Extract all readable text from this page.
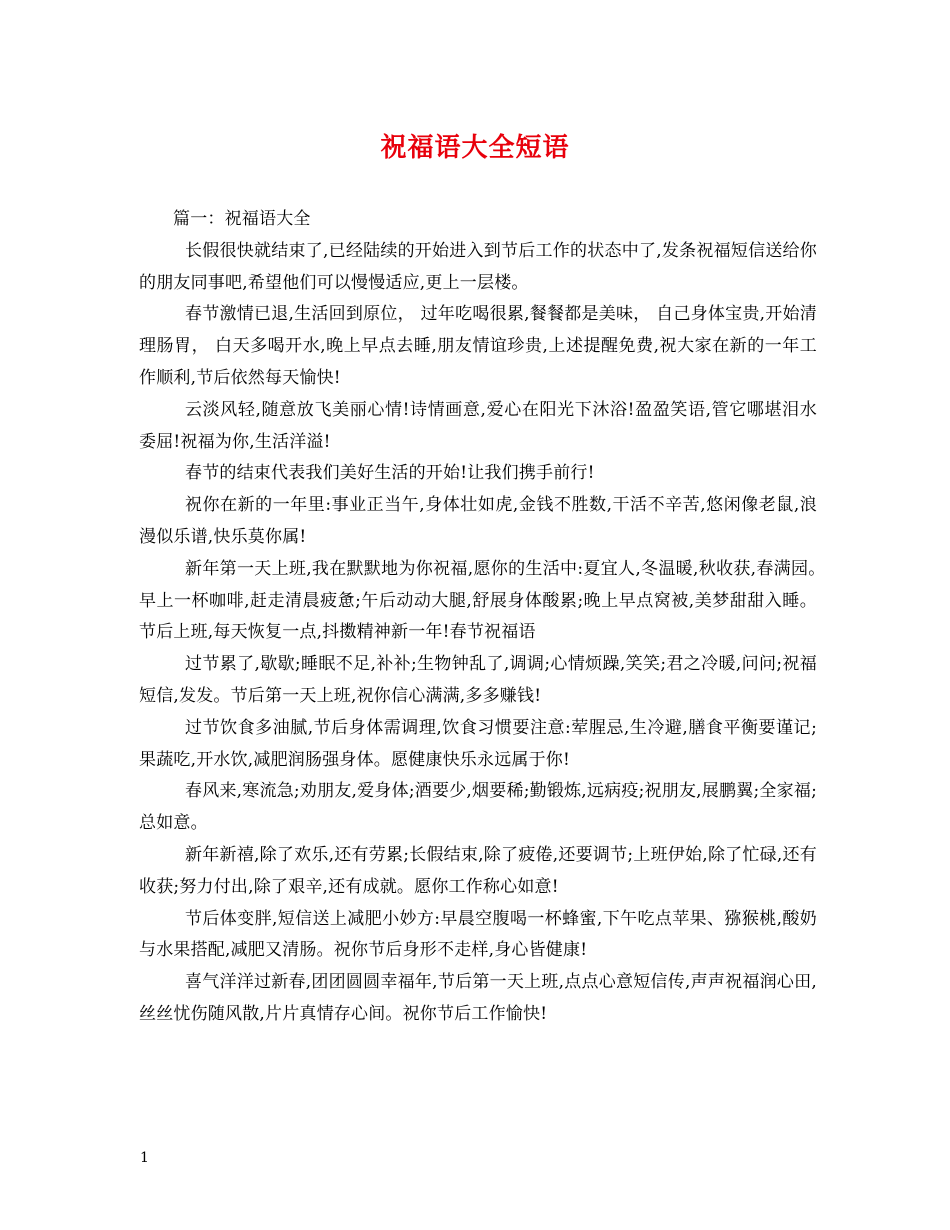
祝福语大全短语

篇一：祝福语大全

长假很快就结束了,已经陆续的开始进入到节后工作的状态中了,发条祝福短信送给你的朋友同事吧,希望他们可以慢慢适应,更上一层楼。

春节激情已退,生活回到原位， 过年吃喝很累,餐餐都是美味， 自己身体宝贵,开始清理肠胃， 白天多喝开水,晚上早点去睡,朋友情谊珍贵,上述提醒免费,祝大家在新的一年工作顺利,节后依然每天愉快!

云淡风轻,随意放飞美丽心情!诗情画意,爱心在阳光下沐浴!盈盈笑语,管它哪堪泪水委屈!祝福为你,生活洋溢!

春节的结束代表我们美好生活的开始!让我们携手前行!

祝你在新的一年里:事业正当午,身体壮如虎,金钱不胜数,干活不辛苦,悠闲像老鼠,浪漫似乐谱,快乐莫你属!

新年第一天上班,我在默默地为你祝福,愿你的生活中:夏宜人,冬温暖,秋收获,春满园。　早上一杯咖啡,赶走清晨疲惫;午后动动大腿,舒展身体酸累;晚上早点窝被,美梦甜甜入睡。节后上班,每天恢复一点,抖擞精神新一年!春节祝福语

过节累了,歇歇;睡眠不足,补补;生物钟乱了,调调;心情烦躁,笑笑;君之冷暖,问问;祝福短信,发发。节后第一天上班,祝你信心满满,多多赚钱!

过节饮食多油腻,节后身体需调理,饮食习惯要注意:荤腥忌,生冷避,膳食平衡要谨记;果蔬吃,开水饮,减肥润肠强身体。愿健康快乐永远属于你!

春风来,寒流急;劝朋友,爱身体;酒要少,烟要稀;勤锻炼,远病疫;祝朋友,展鹏翼;全家福;总如意。

新年新禧,除了欢乐,还有劳累;长假结束,除了疲倦,还要调节;上班伊始,除了忙碌,还有收获;努力付出,除了艰辛,还有成就。愿你工作称心如意!

节后体变胖,短信送上减肥小妙方:早晨空腹喝一杯蜂蜜,下午吃点苹果、猕猴桃,酸奶与水果搭配,减肥又清肠。祝你节后身形不走样,身心皆健康!

喜气洋洋过新春,团团圆圆幸福年,节后第一天上班,点点心意短信传,声声祝福润心田,丝丝忧伤随风散,片片真情存心间。祝你节后工作愉快!

1
